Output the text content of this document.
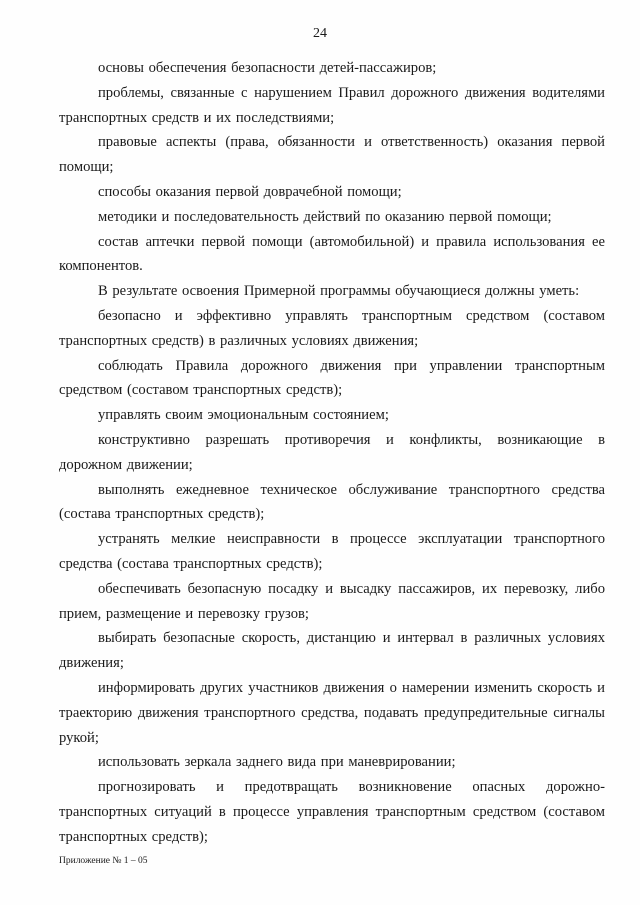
24

основы обеспечения безопасности детей-пассажиров;

проблемы, связанные с нарушением Правил дорожного движения водителями транспортных средств и их последствиями;

правовые аспекты (права, обязанности и ответственность) оказания первой помощи;

способы оказания первой доврачебной помощи;

методики и последовательность действий по оказанию первой помощи;

состав аптечки первой помощи (автомобильной) и правила использования ее компонентов.

В результате освоения Примерной программы обучающиеся должны уметь:

безопасно и эффективно управлять транспортным средством (составом транспортных средств) в различных условиях движения;

соблюдать Правила дорожного движения при управлении транспортным средством (составом транспортных средств);

управлять своим эмоциональным состоянием;

конструктивно разрешать противоречия и конфликты, возникающие в дорожном движении;

выполнять ежедневное техническое обслуживание транспортного средства (состава транспортных средств);

устранять мелкие неисправности в процессе эксплуатации транспортного средства (состава транспортных средств);

обеспечивать безопасную посадку и высадку пассажиров, их перевозку, либо прием, размещение и перевозку грузов;

выбирать безопасные скорость, дистанцию и интервал в различных условиях движения;

информировать других участников движения о намерении изменить скорость и траекторию движения транспортного средства, подавать предупредительные сигналы рукой;

использовать зеркала заднего вида при маневрировании;

прогнозировать и предотвращать возникновение опасных дорожно-транспортных ситуаций в процессе управления транспортным средством (составом транспортных средств);

Приложение № 1 – 05
